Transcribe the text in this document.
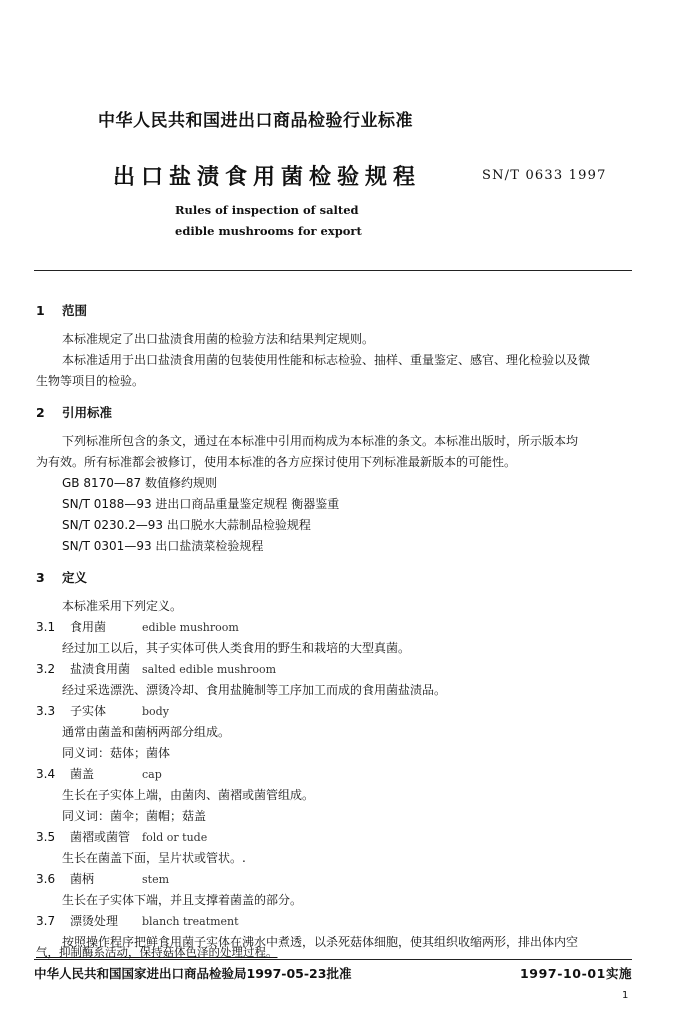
中华人民共和国进出口商品检验行业标准
出口盐渍食用菌检验规程	SN/T 0633 1997
Rules of inspection of salted
edible mushrooms for export
1 范围
本标准规定了出口盐渍食用菌的检验方法和结果判定规则。
本标准适用于出口盐渍食用菌的包装使用性能和标志检验、抽样、重量鉴定、感官、理化检验以及微
生物等项目的检验。
2 引用标准
下列标准所包含的条文，通过在本标准中引用而构成为本标准的条文。本标准出版时，所示版本均
为有效。所有标准都会被修订，使用本标准的各方应探讨使用下列标准最新版本的可能性。
GB 8170—87 数值修约规则
SN/T 0188—93 进出口商品重量鉴定规程 衡器鉴重
SN/T 0230.2—93 出口脱水大蒜制品检验规程
SN/T 0301—93 出口盐渍菜检验规程
3 定义
本标准采用下列定义。
3.1 食用菌	edible mushroom
经过加工以后，其子实体可供人类食用的野生和栽培的大型真菌。
3.2 盐渍食用菌 salted edible mushroom
经过采选漂洗、漂烫冷却、食用盐腌制等工序加工而成的食用菌盐渍品。
3.3 子实体	body
通常由菌盖和菌柄两部分组成。
同义词：菇体；菌体
3.4 菌盖	cap
生长在子实体上端，由菌肉、菌褶或菌管组成。
同义词：菌伞；菌帽；菇盖
3.5 菌褶或菌管 fold or tude
生长在菌盖下面，呈片状或管状。.
3.6 菌柄	stem
生长在子实体下端，并且支撑着菌盖的部分。
3.7 漂烫处理 blanch treatment
按照操作程序把鲜食用菌子实体在沸水中煮透，以杀死菇体细胞，使其组织收缩两形，排出体内空
气，抑制酶系活动，保持菇体色泽的处理过程。
中华人民共和国国家进出口商品检验局1997-05-23批准	1997-10-01实施
1
